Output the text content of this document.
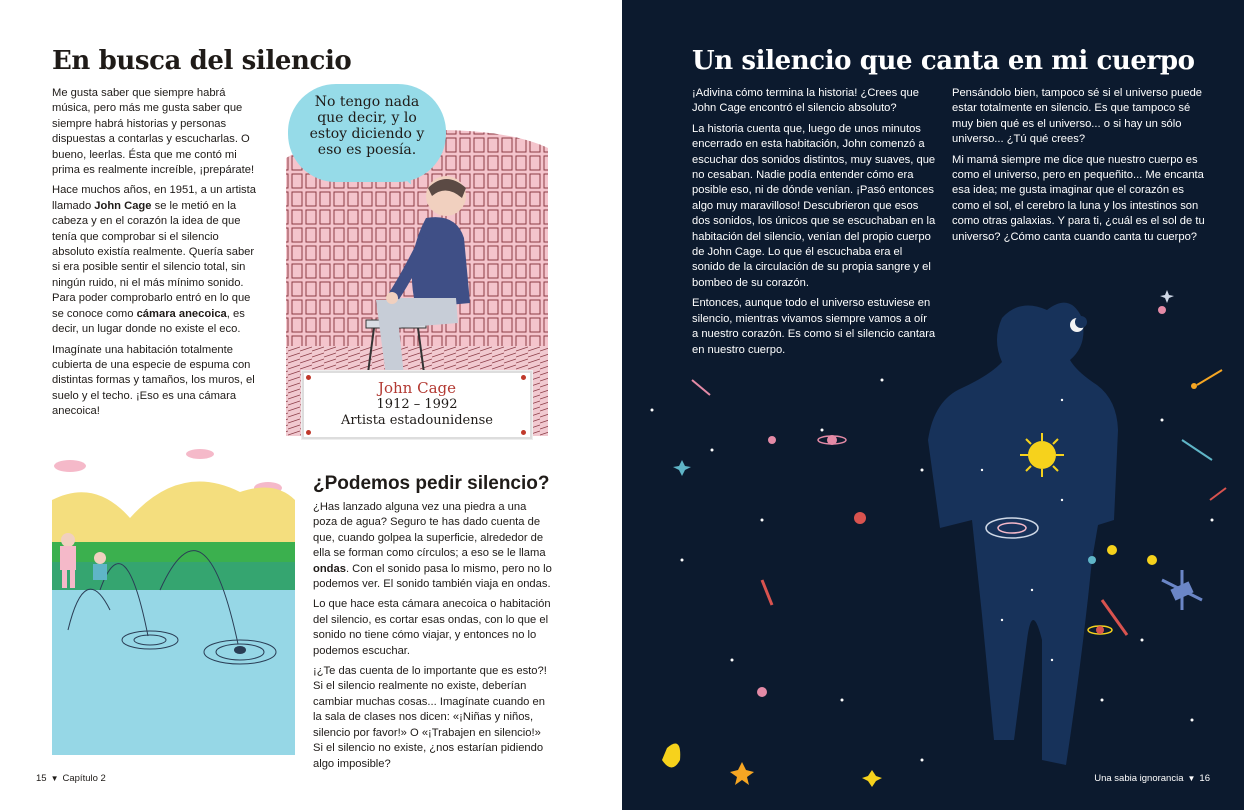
En busca del silencio

Me gusta saber que siempre habrá música, pero más me gusta saber que siempre habrá historias y personas dispuestas a contarlas y escucharlas. O bueno, leerlas. Ésta que me contó mi prima es realmente increíble, ¡prepárate!

Hace muchos años, en 1951, a un artista llamado John Cage se le metió en la cabeza y en el corazón la idea de que tenía que comprobar si el silencio absoluto existía realmente. Quería saber si era posible sentir el silencio total, sin ningún ruido, ni el más mínimo sonido. Para poder comprobarlo entró en lo que se conoce como cámara anecoica, es decir, un lugar donde no existe el eco.

Imagínate una habitación totalmente cubierta de una especie de espuma con distintas formas y tamaños, los muros, el suelo y el techo. ¡Eso es una cámara anecoica!

No tengo nada que decir, y lo estoy diciendo y eso es poesía.
John Cage
1912 – 1992
Artista estadounidense
¿Podemos pedir silencio?

¿Has lanzado alguna vez una piedra a una poza de agua? Seguro te has dado cuenta de que, cuando golpea la superficie, alrededor de ella se forman como círculos; a eso se le llama ondas. Con el sonido pasa lo mismo, pero no lo podemos ver. El sonido también viaja en ondas.

Lo que hace esta cámara anecoica o habitación del silencio, es cortar esas ondas, con lo que el sonido no tiene cómo viajar, y entonces no lo podemos escuchar.

¡¿Te das cuenta de lo importante que es esto?! Si el silencio realmente no existe, deberían cambiar muchas cosas... Imagínate cuando en la sala de clases nos dicen: «¡Niñas y niños, silencio por favor!» O «¡Trabajen en silencio!» Si el silencio no existe, ¿nos estarían pidiendo algo imposible?

15 ▼ Capítulo 2
Un silencio que canta en mi cuerpo

¡Adivina cómo termina la historia! ¿Crees que John Cage encontró el silencio absoluto?

La historia cuenta que, luego de unos minutos encerrado en esta habitación, John comenzó a escuchar dos sonidos distintos, muy suaves, que no cesaban. Nadie podía entender cómo era posible eso, ni de dónde venían. ¡Pasó entonces algo muy maravilloso! Descubrieron que esos dos sonidos, los únicos que se escuchaban en la habitación del silencio, venían del propio cuerpo de John Cage. Lo que él escuchaba era el sonido de la circulación de su propia sangre y el bombeo de su corazón.

Entonces, aunque todo el universo estuviese en silencio, mientras vivamos siempre vamos a oír a nuestro corazón. Es como si el silencio cantara en nuestro cuerpo.

Pensándolo bien, tampoco sé si el universo puede estar totalmente en silencio. Es que tampoco sé muy bien qué es el universo... o si hay un sólo universo... ¿Tú qué crees?

Mi mamá siempre me dice que nuestro cuerpo es como el universo, pero en pequeñito... Me encanta esa idea; me gusta imaginar que el corazón es como el sol, el cerebro la luna y los intestinos son como otras galaxias. Y para ti, ¿cuál es el sol de tu universo? ¿Cómo canta cuando canta tu cuerpo?

Una sabia ignorancia ▼ 16
